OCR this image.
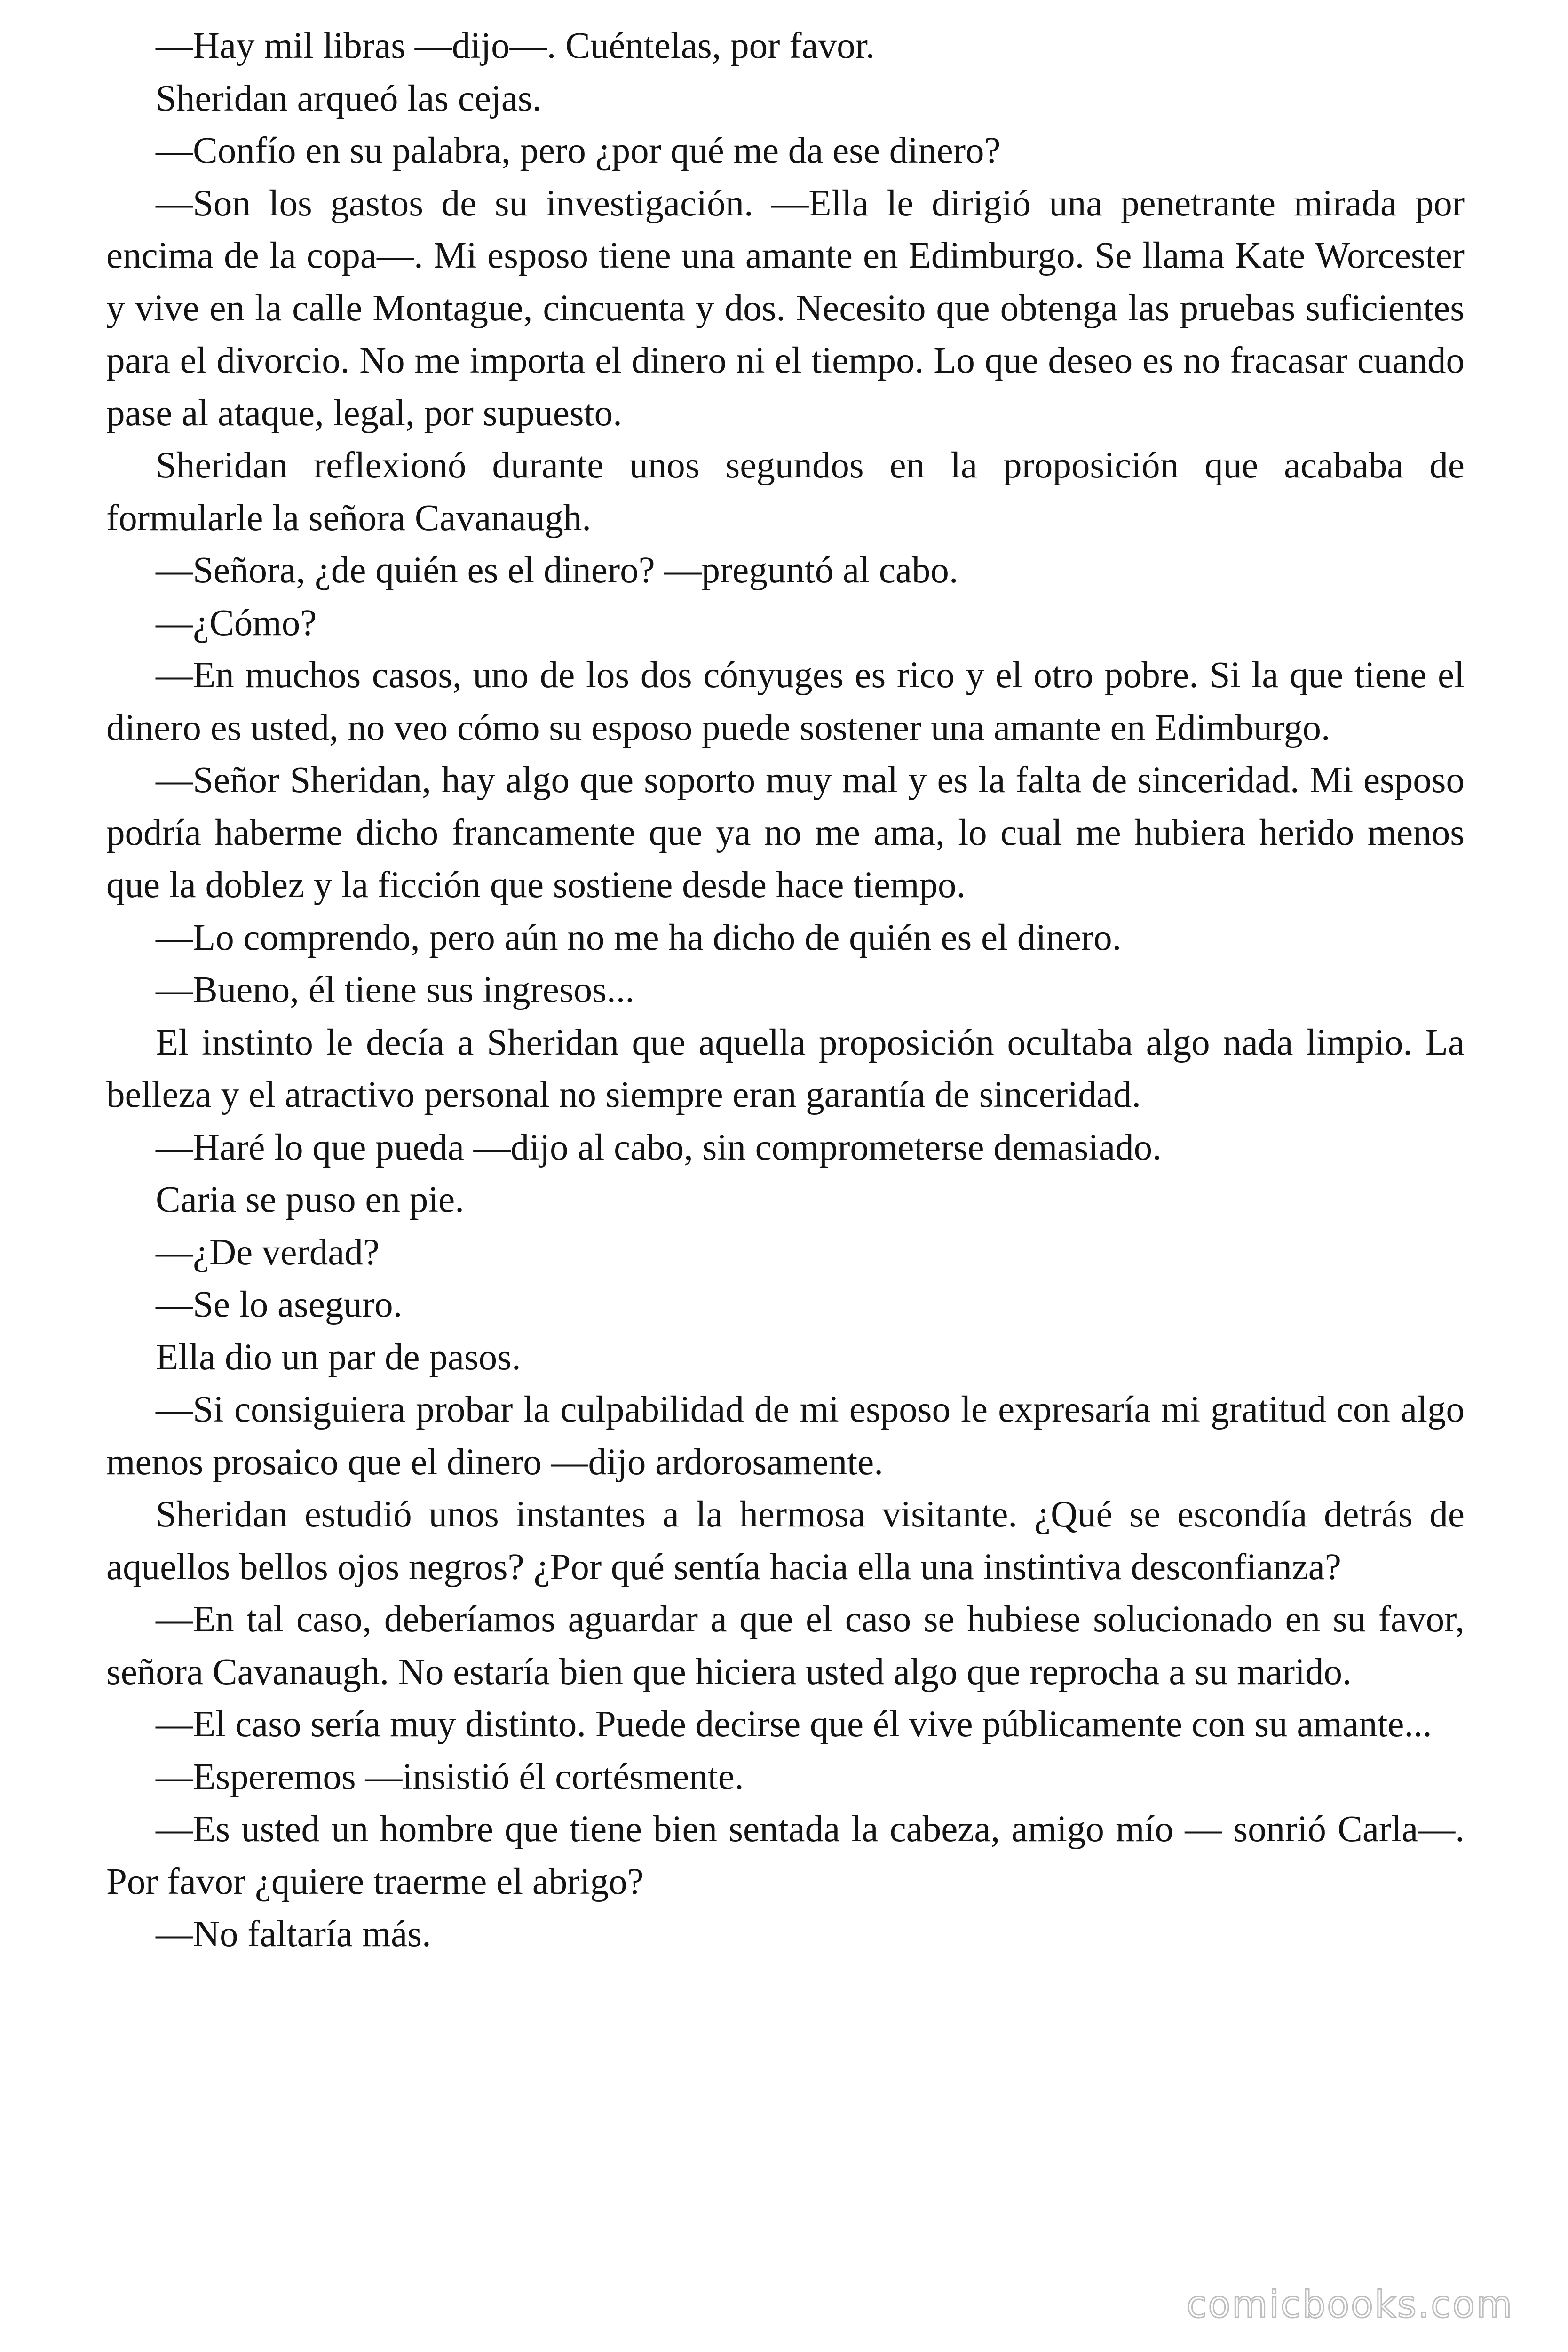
—Hay mil libras —dijo—. Cuéntelas, por favor.

Sheridan arqueó las cejas.

—Confío en su palabra, pero ¿por qué me da ese dinero?

—Son los gastos de su investigación. —Ella le dirigió una penetrante mirada por encima de la copa—. Mi esposo tiene una amante en Edimburgo. Se llama Kate Worcester y vive en la calle Montague, cincuenta y dos. Necesito que obtenga las pruebas suficientes para el divorcio. No me importa el dinero ni el tiempo. Lo que deseo es no fracasar cuando pase al ataque, legal, por supuesto.

Sheridan reflexionó durante unos segundos en la proposición que acababa de formularle la señora Cavanaugh.

—Señora, ¿de quién es el dinero? —preguntó al cabo.

—¿Cómo?

—En muchos casos, uno de los dos cónyuges es rico y el otro pobre. Si la que tiene el dinero es usted, no veo cómo su esposo puede sostener una amante en Edimburgo.

—Señor Sheridan, hay algo que soporto muy mal y es la falta de sinceridad. Mi esposo podría haberme dicho francamente que ya no me ama, lo cual me hubiera herido menos que la doblez y la ficción que sostiene desde hace tiempo.

—Lo comprendo, pero aún no me ha dicho de quién es el dinero.

—Bueno, él tiene sus ingresos...

El instinto le decía a Sheridan que aquella proposición ocultaba algo nada limpio. La belleza y el atractivo personal no siempre eran garantía de sinceridad.

—Haré lo que pueda —dijo al cabo, sin comprometerse demasiado.

Caria se puso en pie.

—¿De verdad?

—Se lo aseguro.

Ella dio un par de pasos.

—Si consiguiera probar la culpabilidad de mi esposo le expresaría mi gratitud con algo menos prosaico que el dinero —dijo ardorosamente.

Sheridan estudió unos instantes a la hermosa visitante. ¿Qué se escondía detrás de aquellos bellos ojos negros? ¿Por qué sentía hacia ella una instintiva desconfianza?

—En tal caso, deberíamos aguardar a que el caso se hubiese solucionado en su favor, señora Cavanaugh. No estaría bien que hiciera usted algo que reprocha a su marido.

—El caso sería muy distinto. Puede decirse que él vive públicamente con su amante...

—Esperemos —insistió él cortésmente.

—Es usted un hombre que tiene bien sentada la cabeza, amigo mío — sonrió Carla—. Por favor ¿quiere traerme el abrigo?

—No faltaría más.

comicbooks.com
